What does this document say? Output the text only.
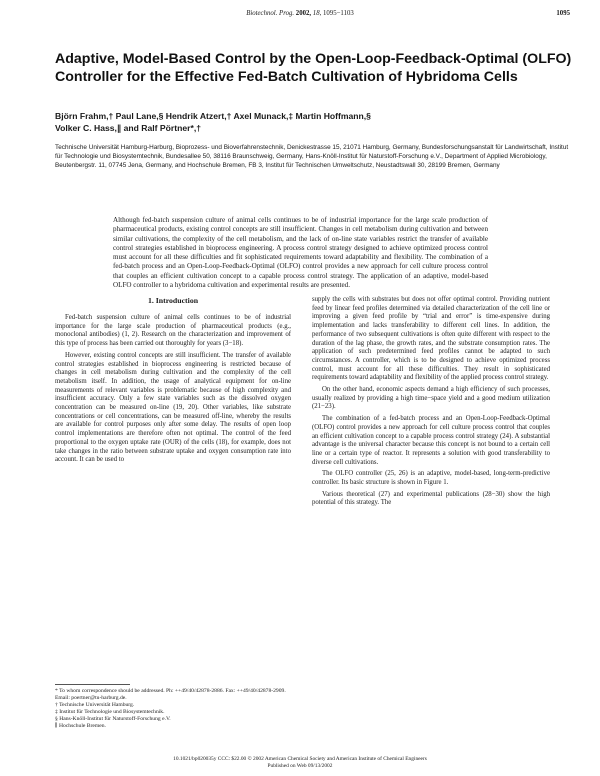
Biotechnol. Prog. 2002, 18, 1095−1103	1095
Adaptive, Model-Based Control by the Open-Loop-Feedback-Optimal (OLFO) Controller for the Effective Fed-Batch Cultivation of Hybridoma Cells
Björn Frahm,† Paul Lane,§ Hendrik Atzert,† Axel Munack,‡ Martin Hoffmann,§
Volker C. Hass,∥ and Ralf Pörtner*,†

Technische Universität Hamburg-Harburg, Bioprozess- und Bioverfahrenstechnik, Denickestrasse 15, 21071 Hamburg, Germany, Bundesforschungsanstalt für Landwirtschaft, Institut für Technologie und Biosystemtechnik, Bundesallee 50, 38116 Braunschweig, Germany, Hans-Knöll-Institut für Naturstoff-Forschung e.V., Department of Applied Microbiology, Beutenbergstr. 11, 07745 Jena, Germany, and Hochschule Bremen, FB 3, Institut für Technischen Umweltschutz, Neustadtswall 30, 28199 Bremen, Germany

Although fed-batch suspension culture of animal cells continues to be of industrial importance for the large scale production of pharmaceutical products, existing control concepts are still insufficient. Changes in cell metabolism during cultivation and between similar cultivations, the complexity of the cell metabolism, and the lack of on-line state variables restrict the transfer of available control strategies established in bioprocess engineering. A process control strategy designed to achieve optimized process control must account for all these difficulties and fit sophisticated requirements toward adaptability and flexibility. The combination of a fed-batch process and an Open-Loop-Feedback-Optimal (OLFO) control provides a new approach for cell culture process control that couples an efficient cultivation concept to a capable process control strategy. The application of an adaptive, model-based OLFO controller to a hybridoma cultivation and experimental results are presented.

1. Introduction

Fed-batch suspension culture of animal cells continues to be of industrial importance for the large scale production of pharmaceutical products (e.g., monoclonal antibodies) (1, 2). Research on the characterization and improvement of this type of process has been carried out thoroughly for years (3−18).

However, existing control concepts are still insufficient. The transfer of available control strategies established in bioprocess engineering is restricted because of changes in cell metabolism during cultivation and the complexity of the cell metabolism itself. In addition, the usage of analytical equipment for on-line measurements of relevant variables is problematic because of high complexity and insufficient accuracy. Only a few state variables such as the dissolved oxygen concentration can be measured on-line (19, 20). Other variables, like substrate concentrations or cell concentrations, can be measured off-line, whereby the results are available for control purposes only after some delay. The results of open loop control implementations are therefore often not optimal. The control of the feed proportional to the oxygen uptake rate (OUR) of the cells (18), for example, does not take changes in the ratio between substrate uptake and oxygen consumption rate into account. It can be used to

supply the cells with substrates but does not offer optimal control. Providing nutrient feed by linear feed profiles determined via detailed characterization of the cell line or improving a given feed profile by “trial and error” is time-expensive during implementation and lacks transferability to different cell lines. In addition, the performance of two subsequent cultivations is often quite different with respect to the duration of the lag phase, the growth rates, and the substrate consumption rates. The application of such predetermined feed profiles cannot be adapted to such circumstances. A controller, which is to be designed to achieve optimized process control, must account for all these difficulties. They result in sophisticated requirements toward adaptability and flexibility of the applied process control strategy.

On the other hand, economic aspects demand a high efficiency of such processes, usually realized by providing a high time−space yield and a good medium utilization (21−23).

The combination of a fed-batch process and an Open-Loop-Feedback-Optimal (OLFO) control provides a new approach for cell culture process control that couples an efficient cultivation concept to a capable process control strategy (24). A substantial advantage is the universal character because this concept is not bound to a certain cell line or a certain type of reactor. It represents a solution with good transferability to diverse cell cultivations.

The OLFO controller (25, 26) is an adaptive, model-based, long-term-predictive controller. Its basic structure is shown in Figure 1.

Various theoretical (27) and experimental publications (28−30) show the high potential of this strategy. The

* To whom correspondence should be addressed. Ph: ++49/40/42878-2886. Fax: ++49/40/42878-2909. Email: poertner@tu-harburg.de.

† Technische Universität Hamburg.

‡ Institut für Technologie und Biosystemtechnik.

§ Hans-Knöll-Institut für Naturstoff-Forschung e.V.

∥ Hochschule Bremen.

10.1021/bp020035y CCC: $22.00 © 2002 American Chemical Society and American Institute of Chemical Engineers
Published on Web 09/13/2002
